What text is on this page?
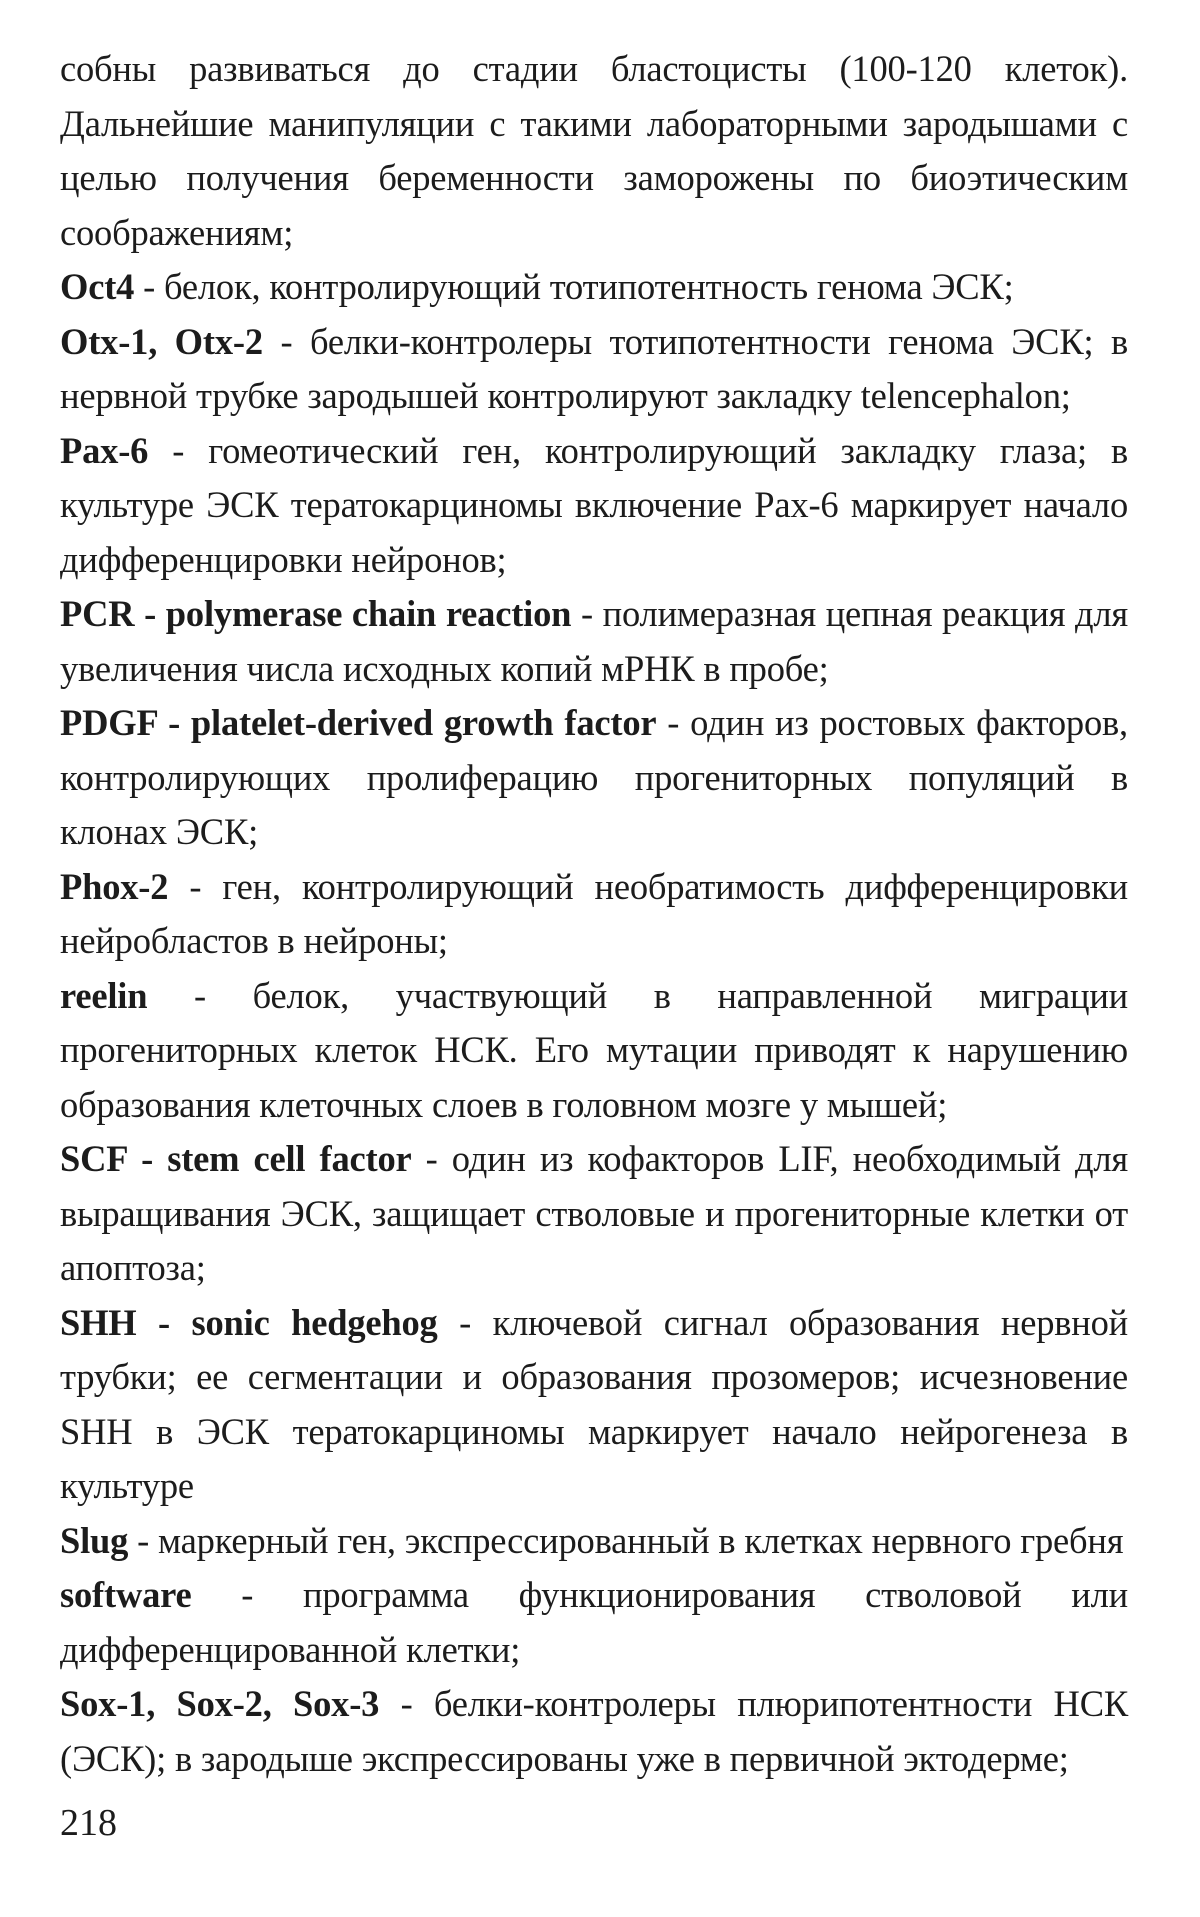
собны развиваться до стадии бластоцисты (100-120 клеток). Дальнейшие манипуляции с такими лабораторными зародышами с целью получения беременности заморожены по биоэтическим соображениям;

Oct4 - белок, контролирующий тотипотентность генома ЭСК;

Otx-1, Otx-2 - белки-контролеры тотипотентности генома ЭСК; в нервной трубке зародышей контролируют закладку telencephalon;

Pax-6 - гомеотический ген, контролирующий закладку глаза; в культуре ЭСК тератокарциномы включение Pax-6 маркирует начало дифференцировки нейронов;

PCR - polymerase chain reaction - полимеразная цепная реакция для увеличения числа исходных копий мРНК в пробе;

PDGF - platelet-derived growth factor - один из ростовых факторов, контролирующих пролиферацию прогениторных популяций в клонах ЭСК;

Phox-2 - ген, контролирующий необратимость дифференцировки нейробластов в нейроны;

reelin - белок, участвующий в направленной миграции прогениторных клеток НСК. Его мутации приводят к нарушению образования клеточных слоев в головном мозге у мышей;

SCF - stem cell factor - один из кофакторов LIF, необходимый для выращивания ЭСК, защищает стволовые и прогениторные клетки от апоптоза;

SHH - sonic hedgehog - ключевой сигнал образования нервной трубки; ее сегментации и образования прозомеров; исчезновение SHH в ЭСК тератокарциномы маркирует начало нейрогенеза в культуре

Slug - маркерный ген, экспрессированный в клетках нервного гребня

software - программа функционирования стволовой или дифференцированной клетки;

Sox-1, Sox-2, Sox-3 - белки-контролеры плюрипотентности НСК (ЭСК); в зародыше экспрессированы уже в первичной эктодерме;

218
